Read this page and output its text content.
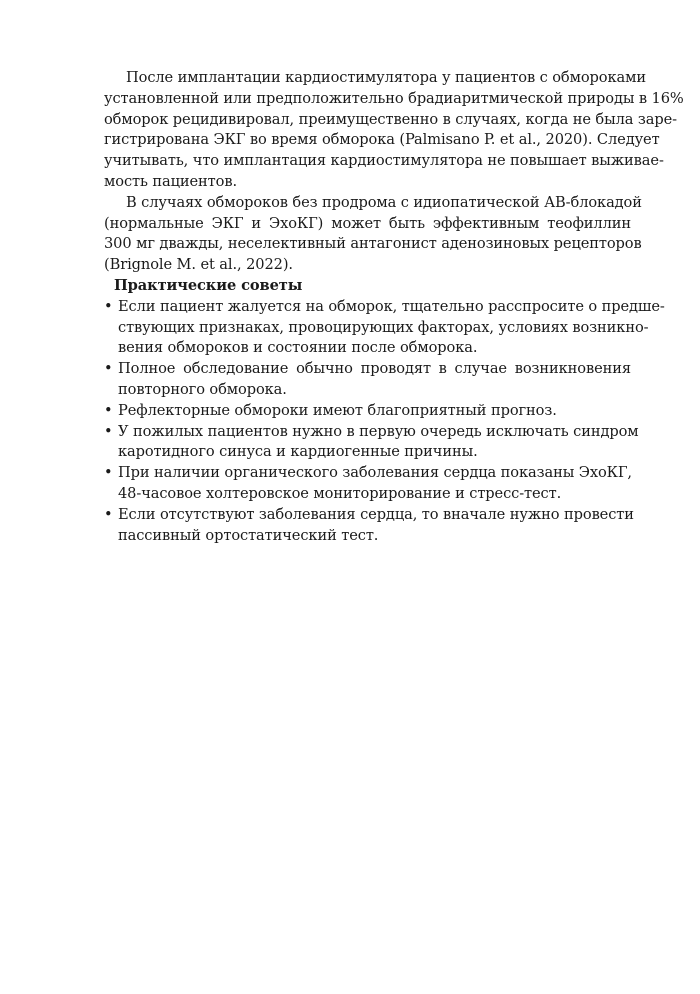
После имплантации кардиостимулятора у пациентов с обмороками
установленной или предположительно брадиаритмической природы в 16%
обморок рецидивировал, преимущественно в случаях, когда не была заре-
гистрирована ЭКГ во время обморока (Palmisano P. et al., 2020). Следует
учитывать, что имплантация кардиостимулятора не повышает выживае-
мость пациентов.

В случаях обмороков без продрома с идиопатической АВ-блокадой
(нормальные ЭКГ и ЭхоКГ) может быть эффективным теофиллин
300 мг дважды, неселективный антагонист аденозиновых рецепторов
(Brignole M. et al., 2022).

Практические советы
• Если пациент жалуется на обморок, тщательно расспросите о предше-
ствующих признаках, провоцирующих факторах, условиях возникно-
вения обмороков и состоянии после обморока.
• Полное обследование обычно проводят в случае возникновения
повторного обморока.
• Рефлекторные обмороки имеют благоприятный прогноз.
• У пожилых пациентов нужно в первую очередь исключать синдром
каротидного синуса и кардиогенные причины.
• При наличии органического заболевания сердца показаны ЭхоКГ,
48-часовое холтеровское мониторирование и стресс-тест.
• Если отсутствуют заболевания сердца, то вначале нужно провести
пассивный ортостатический тест.
